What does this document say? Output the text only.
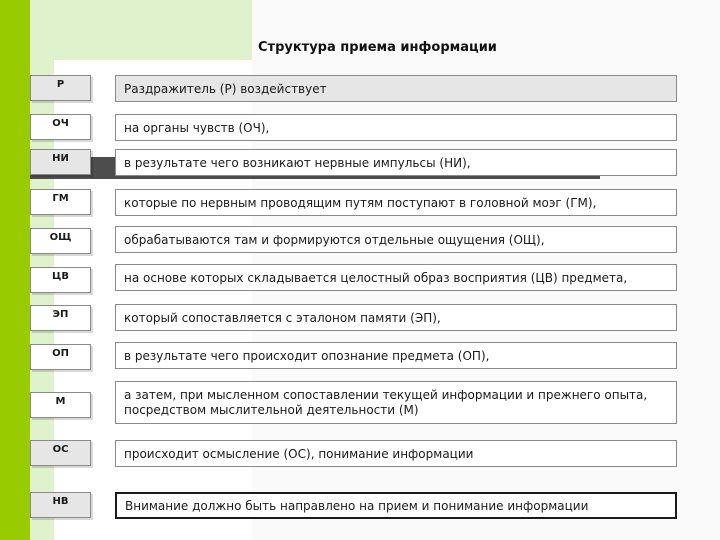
Структура приема информации
Р	Раздражитель (Р) воздействует
ОЧ	на органы чувств (ОЧ),
НИ	в результате чего возникают нервные импульсы (НИ),
ГМ	которые по нервным проводящим путям поступают в головной моэг (ГМ),
ОЩ	обрабатываются там и формируются отдельные ощущения (ОЩ),
ЦВ	на основе которых складывается целостный образ восприятия (ЦВ) предмета,
ЭП	который сопоставляется с эталоном памяти (ЭП),
ОП	в результате чего происходит опознание предмета (ОП),
М	а затем, при мысленном сопоставлении текущей информации и прежнего опыта, посредством мыслительной деятельности (М)
ОС	происходит осмысление (ОС), понимание информации
НВ	Внимание должно быть направлено на прием и понимание информации
